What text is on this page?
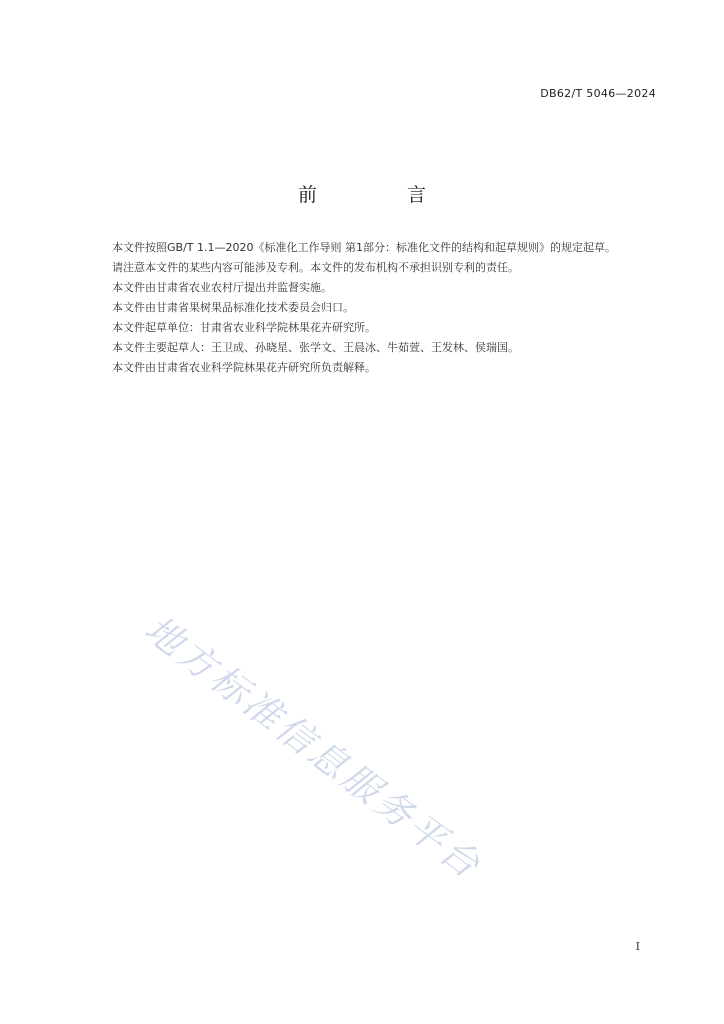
DB62/T 5046—2024
前 言

本文件按照GB/T 1.1—2020《标准化工作导则 第1部分：标准化文件的结构和起草规则》的规定起草。

请注意本文件的某些内容可能涉及专利。本文件的发布机构不承担识别专利的责任。

本文件由甘肃省农业农村厅提出并监督实施。

本文件由甘肃省果树果品标准化技术委员会归口。

本文件起草单位：甘肃省农业科学院林果花卉研究所。

本文件主要起草人：王卫成、孙晓星、张学文、王晨冰、牛茹萱、王发林、侯瑞国。

本文件由甘肃省农业科学院林果花卉研究所负责解释。

地方标准信息服务平台
I
